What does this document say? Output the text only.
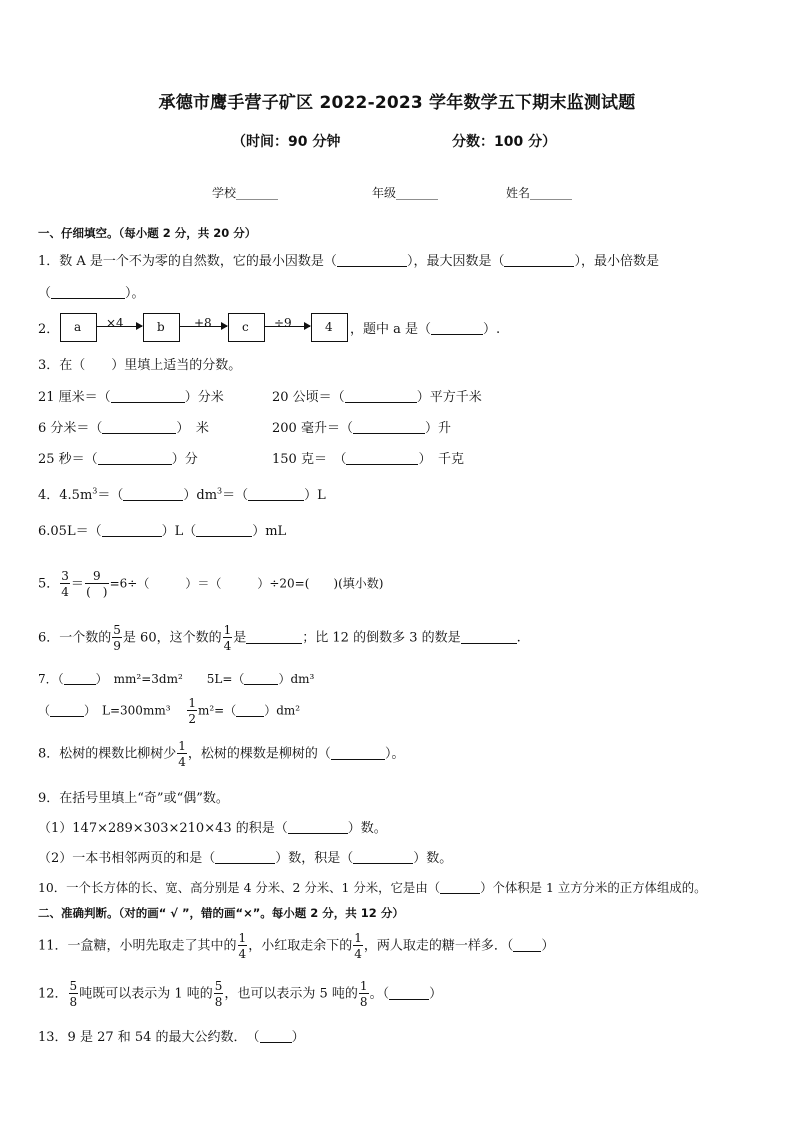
承德市鹰手营子矿区 2022-2023 学年数学五下期末监测试题
（时间：90 分钟	分数：100 分）
学校_______	年级_______	姓名_______
一、仔细填空。（每小题 2 分，共 20 分）
1．数 A 是一个不为零的自然数，它的最小因数是（	），最大因数是（	），最小倍数是
（	）。
2． a ×4	b +8	c ÷9	4 ，题中 a 是（	）.
3．在（　　）里填上适当的分数。
21 厘米＝（	）分米	20 公顷＝（	）平方千米
6 分米＝（	）　米	200 毫升＝（	）升
25 秒＝（	）分	150 克＝　（	）　千克
4．$4.5m^3=$（	）$dm^3=$（	）L
6.05L＝（	）L（	）mL
5． $\frac{3}{4} = \frac{9}{( )} =6\div$（　　　）＝（　　　）÷20=(　　)(填小数)
6．一个数的 $\frac{5}{9}$ 是 60，这个数的 $\frac{1}{4}$ 是	；比 12 的倒数多 3 的数是	.
7．（	）　mm²=3dm²　　5L=（	）dm³
（	）　L=300mm³　 $\frac{1}{2} m^2=$（ ）dm²
8．松树的棵数比柳树少 $\frac{1}{4}$ ，松树的棵数是柳树的（	）。
9．在括号里填上“奇”或“偶”数。
（1）147×289×303×210×43 的积是（	）数。
（2）一本书相邻两页的和是（	）数，积是（	）数。
10．一个长方体的长、宽、高分别是 4 分米、2 分米、1 分米，它是由（	）个体积是 1 立方分米的正方体组成的。
二、准确判断。（对的画“ √ ”，错的画“×”。每小题 2 分，共 12 分）
11．一盒糖，小明先取走了其中的 $\frac{1}{4}$ ，小红取走余下的 $\frac{1}{4}$ ，两人取走的糖一样多．（ ）
12． $\frac{5}{8}$ 吨既可以表示为 1 吨的 $\frac{5}{8}$ ，也可以表示为 5 吨的 $\frac{1}{8}$ 。（	）
13．9 是 27 和 54 的最大公约数．　（ ）
